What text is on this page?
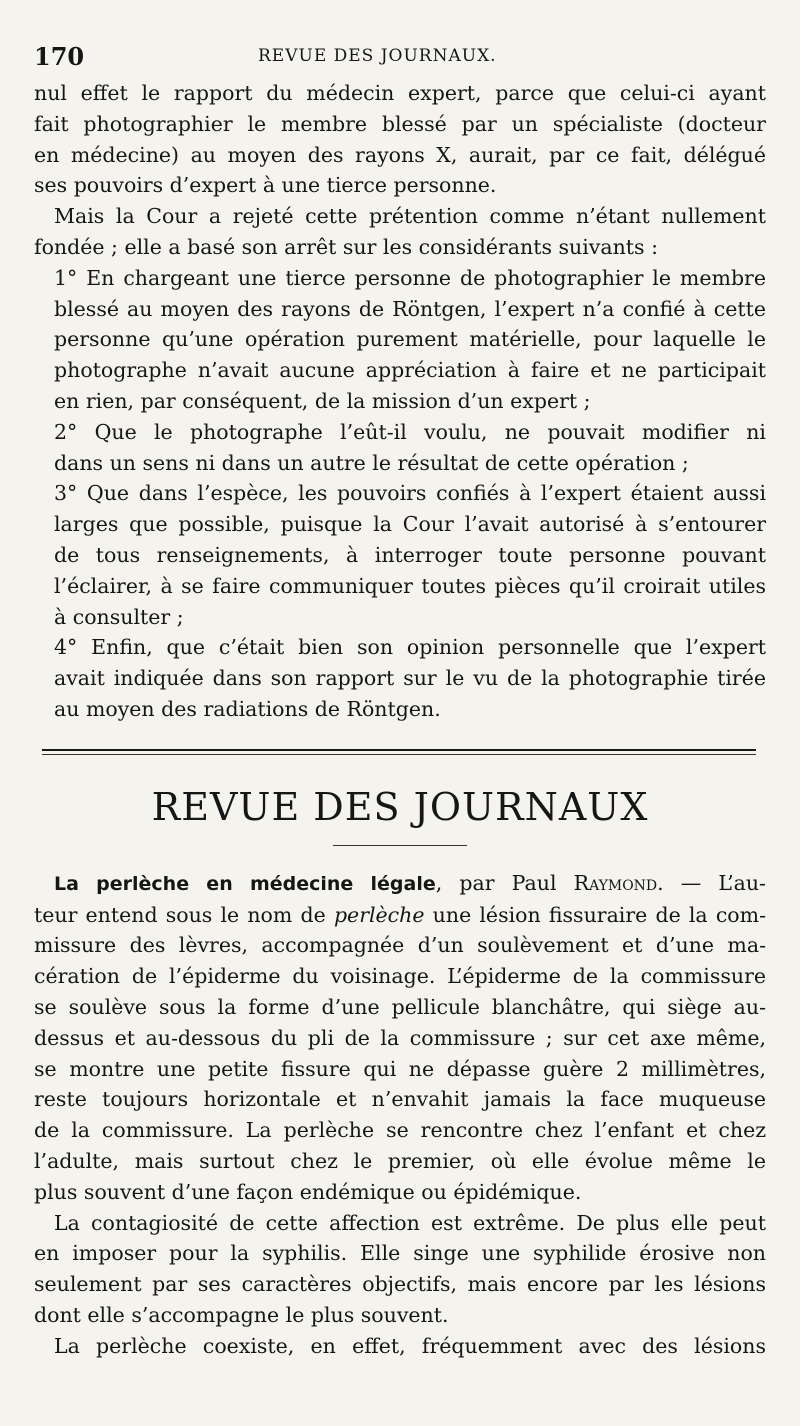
170	REVUE DES JOURNAUX.

nul effet le rapport du médecin expert, parce que celui-ci ayant
fait photographier le membre blessé par un spécialiste (docteur
en médecine) au moyen des rayons X, aurait, par ce fait, délégué
ses pouvoirs d’expert à une tierce personne.

Mais la Cour a rejeté cette prétention comme n’étant nullement
fondée ; elle a basé son arrêt sur les considérants suivants :

1° En chargeant une tierce personne de photographier le membre
blessé au moyen des rayons de Röntgen, l’expert n’a confié à cette
personne qu’une opération purement matérielle, pour laquelle le
photographe n’avait aucune appréciation à faire et ne participait
en rien, par conséquent, de la mission d’un expert ;

2° Que le photographe l’eût-il voulu, ne pouvait modifier ni
dans un sens ni dans un autre le résultat de cette opération ;

3° Que dans l’espèce, les pouvoirs confiés à l’expert étaient aussi
larges que possible, puisque la Cour l’avait autorisé à s’entourer
de tous renseignements, à interroger toute personne pouvant
l’éclairer, à se faire communiquer toutes pièces qu’il croirait utiles
à consulter ;

4° Enfin, que c’était bien son opinion personnelle que l’expert
avait indiquée dans son rapport sur le vu de la photographie tirée
au moyen des radiations de Röntgen.

REVUE DES JOURNAUX

La perlèche en médecine légale, par Paul Raymond. — L’au-
teur entend sous le nom de perlèche une lésion fissuraire de la com-
missure des lèvres, accompagnée d’un soulèvement et d’une ma-
cération de l’épiderme du voisinage. L’épiderme de la commissure
se soulève sous la forme d’une pellicule blanchâtre, qui siège au-
dessus et au-dessous du pli de la commissure ; sur cet axe même,
se montre une petite fissure qui ne dépasse guère 2 millimètres,
reste toujours horizontale et n’envahit jamais la face muqueuse
de la commissure. La perlèche se rencontre chez l’enfant et chez
l’adulte, mais surtout chez le premier, où elle évolue même le
plus souvent d’une façon endémique ou épidémique.

La contagiosité de cette affection est extrême. De plus elle peut
en imposer pour la syphilis. Elle singe une syphilide érosive non
seulement par ses caractères objectifs, mais encore par les lésions
dont elle s’accompagne le plus souvent.

La perlèche coexiste, en effet, fréquemment avec des lésions
